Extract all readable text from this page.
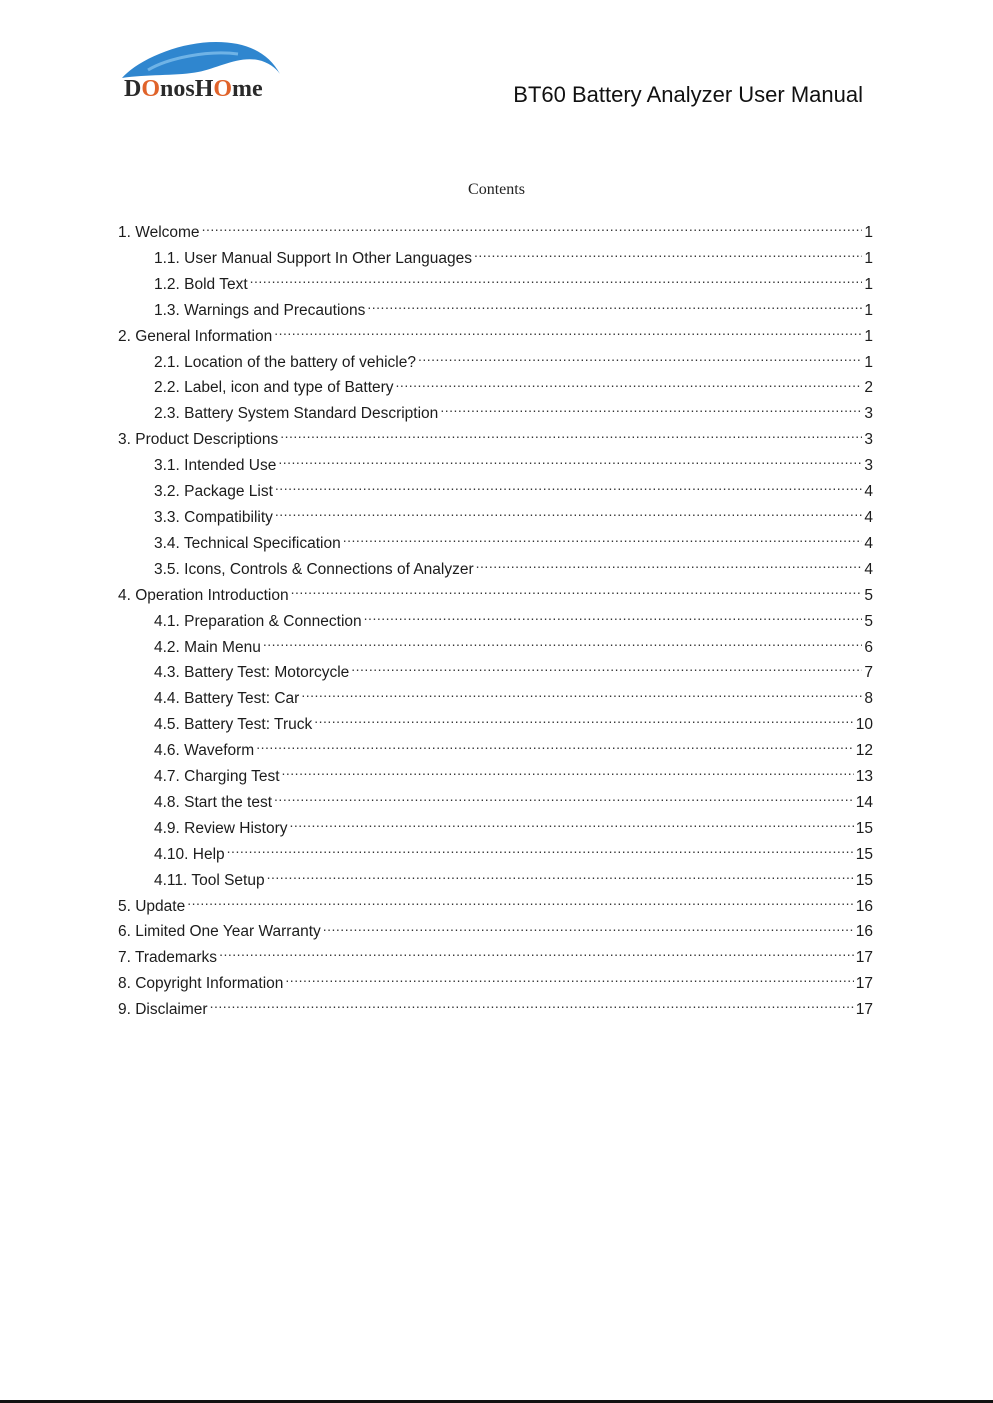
DOnosHOme	BT60 Battery Analyzer User Manual
Contents
1. Welcome .....	1
1.1. User Manual Support In Other Languages .....	1
1.2. Bold Text .....	1
1.3. Warnings and Precautions .....	1
2. General Information .....	1
2.1. Location of the battery of vehicle? .....	1
2.2. Label, icon and type of Battery .....	2
2.3. Battery System Standard Description .....	3
3. Product Descriptions .....	3
3.1. Intended Use .....	3
3.2. Package List .....	4
3.3. Compatibility .....	4
3.4. Technical Specification .....	4
3.5. Icons, Controls & Connections of Analyzer .....	4
4. Operation Introduction .....	5
4.1. Preparation & Connection .....	5
4.2. Main Menu .....	6
4.3. Battery Test: Motorcycle .....	7
4.4. Battery Test: Car .....	8
4.5. Battery Test: Truck .....	10
4.6. Waveform .....	12
4.7. Charging Test .....	13
4.8. Start the test .....	14
4.9. Review History .....	15
4.10. Help .....	15
4.11. Tool Setup .....	15
5. Update .....	16
6. Limited One Year Warranty .....	16
7. Trademarks .....	17
8. Copyright Information .....	17
9. Disclaimer .....	17
